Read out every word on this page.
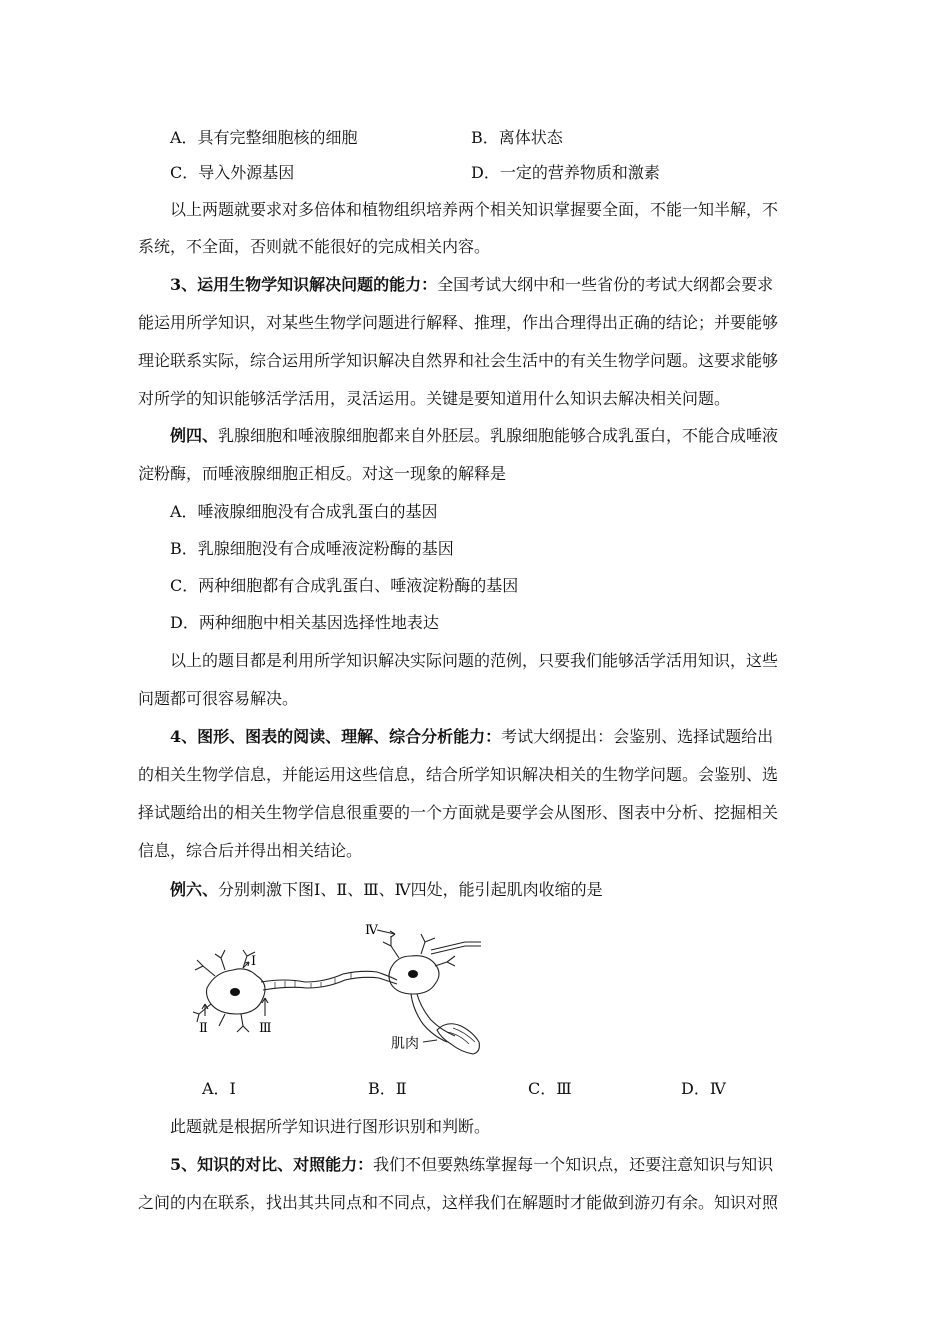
A．具有完整细胞核的细胞	B．离体状态
C．导入外源基因	D．一定的营养物质和激素
以上两题就要求对多倍体和植物组织培养两个相关知识掌握要全面，不能一知半解，不
系统，不全面，否则就不能很好的完成相关内容。
3、运用生物学知识解决问题的能力：全国考试大纲中和一些省份的考试大纲都会要求
能运用所学知识，对某些生物学问题进行解释、推理，作出合理得出正确的结论；并要能够
理论联系实际，综合运用所学知识解决自然界和社会生活中的有关生物学问题。这要求能够
对所学的知识能够活学活用，灵活运用。关键是要知道用什么知识去解决相关问题。
例四、乳腺细胞和唾液腺细胞都来自外胚层。乳腺细胞能够合成乳蛋白，不能合成唾液
淀粉酶，而唾液腺细胞正相反。对这一现象的解释是
A．唾液腺细胞没有合成乳蛋白的基因
B．乳腺细胞没有合成唾液淀粉酶的基因
C．两种细胞都有合成乳蛋白、唾液淀粉酶的基因
D．两种细胞中相关基因选择性地表达
以上的题目都是利用所学知识解决实际问题的范例，只要我们能够活学活用知识，这些
问题都可很容易解决。
4、图形、图表的阅读、理解、综合分析能力：考试大纲提出：会鉴别、选择试题给出
的相关生物学信息，并能运用这些信息，结合所学知识解决相关的生物学问题。会鉴别、选
择试题给出的相关生物学信息很重要的一个方面就是要学会从图形、图表中分析、挖掘相关
信息，综合后并得出相关结论。
例六、分别刺激下图Ⅰ、Ⅱ、Ⅲ、Ⅳ四处，能引起肌肉收缩的是
Ⅰ
Ⅱ	Ⅲ
Ⅳ
肌肉
A．Ⅰ	B．Ⅱ	C．Ⅲ	D．Ⅳ
此题就是根据所学知识进行图形识别和判断。
5、知识的对比、对照能力：我们不但要熟练掌握每一个知识点，还要注意知识与知识
之间的内在联系，找出其共同点和不同点，这样我们在解题时才能做到游刃有余。知识对照
